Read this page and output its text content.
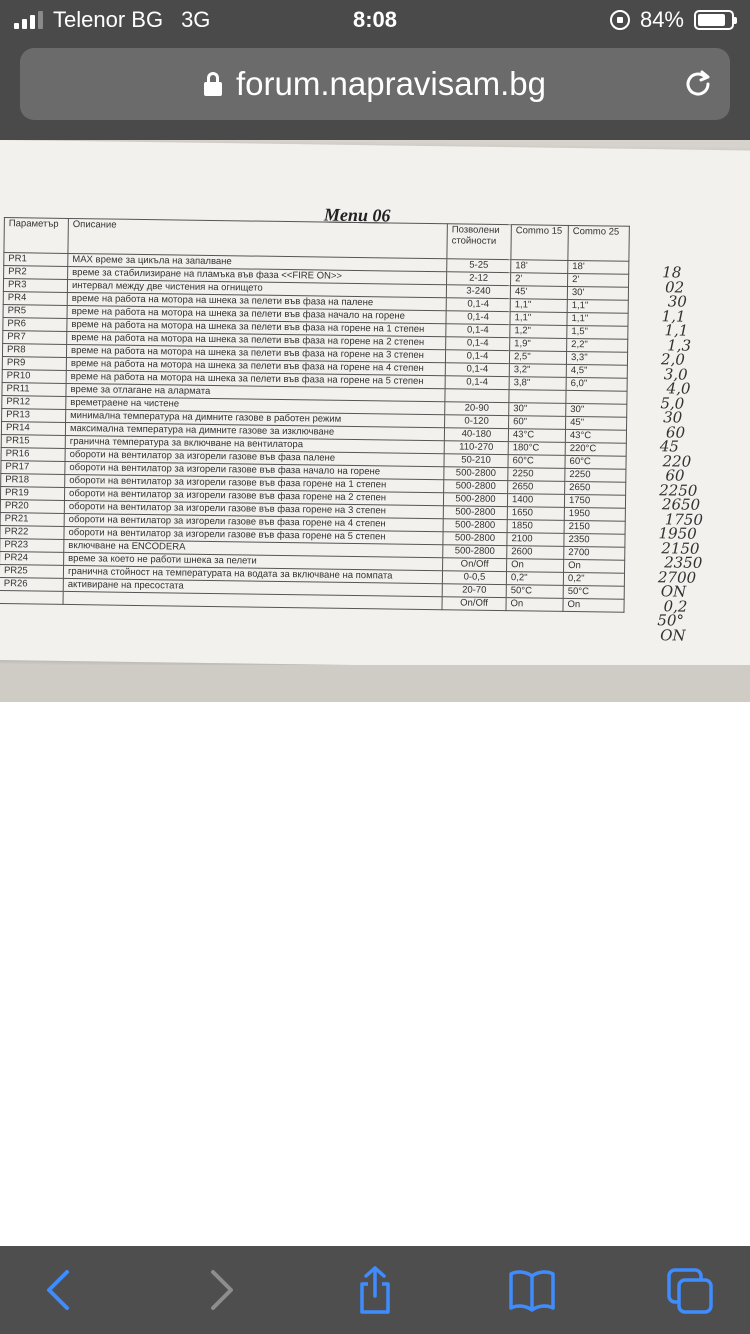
Telenor BG 3G	8:08	84%
forum.napravisam.bg
Menu 06
Параметър	Описание	Позволени стойности	Commo 15	Commo 25
PR1	MAX време за цикъла на запалване	5-25	18'	18'
PR2	време за стабилизиране на пламъка във фаза <<FIRE ON>>	2-12	2'	2'
PR3	интервал между две чистения на огнището	3-240	45'	30'
PR4	време на работа на мотора на шнека за пелети във фаза на палене	0,1-4	1,1"	1,1"
PR5	време на работа на мотора на шнека за пелети във фаза начало на горене	0,1-4	1,1"	1,1"
PR6	време на работа на мотора на шнека за пелети във фаза на горене на 1 степен	0,1-4	1,2"	1,5"
PR7	време на работа на мотора на шнека за пелети във фаза на горене на 2 степен	0,1-4	1,9"	2,2"
PR8	време на работа на мотора на шнека за пелети във фаза на горене на 3 степен	0,1-4	2,5"	3,3"
PR9	време на работа на мотора на шнека за пелети във фаза на горене на 4 степен	0,1-4	3,2"	4,5"
PR10	време на работа на мотора на шнека за пелети във фаза на горене на 5 степен	0,1-4	3,8"	6,0"
PR11	време за отлагане на алармата			
PR12	времетраене на чистене	20-90	30"	30"
PR13	минимална температура на димните газове в работен режим	0-120	60"	45"
PR14	максимална температура на димните газове за изключване	40-180	43°C	43°C
PR15	гранична температура за включване на вентилатора	110-270	180°C	220°C
PR16	обороти на вентилатор за изгорели газове във фаза палене	50-210	60°C	60°C
PR17	обороти на вентилатор за изгорели газове във фаза начало на горене	500-2800	2250	2250
PR18	обороти на вентилатор за изгорели газове във фаза горене на 1 степен	500-2800	2650	2650
PR19	обороти на вентилатор за изгорели газове във фаза горене на 2 степен	500-2800	1400	1750
PR20	обороти на вентилатор за изгорели газове във фаза горене на 3 степен	500-2800	1650	1950
PR21	обороти на вентилатор за изгорели газове във фаза горене на 4 степен	500-2800	1850	2150
PR22	обороти на вентилатор за изгорели газове във фаза горене на 5 степен	500-2800	2100	2350
PR23	включване на ENCODERA	500-2800	2600	2700
PR24	време за което не работи шнека за пелети	On/Off	On	On
PR25	гранична стойност на температурата на водата за включване на помпата	0-0,5	0,2"	0,2"
PR26	активиране на пресостата	20-70	50°C	50°C
		On/Off	On	On
18
02
30
1,1
1,1
1,3
2,0
3,0
4,0
5,0
30
60
45
220
60
2250
2650
1750
1950
2150
2350
2700
ON
0,2
50°
ON
